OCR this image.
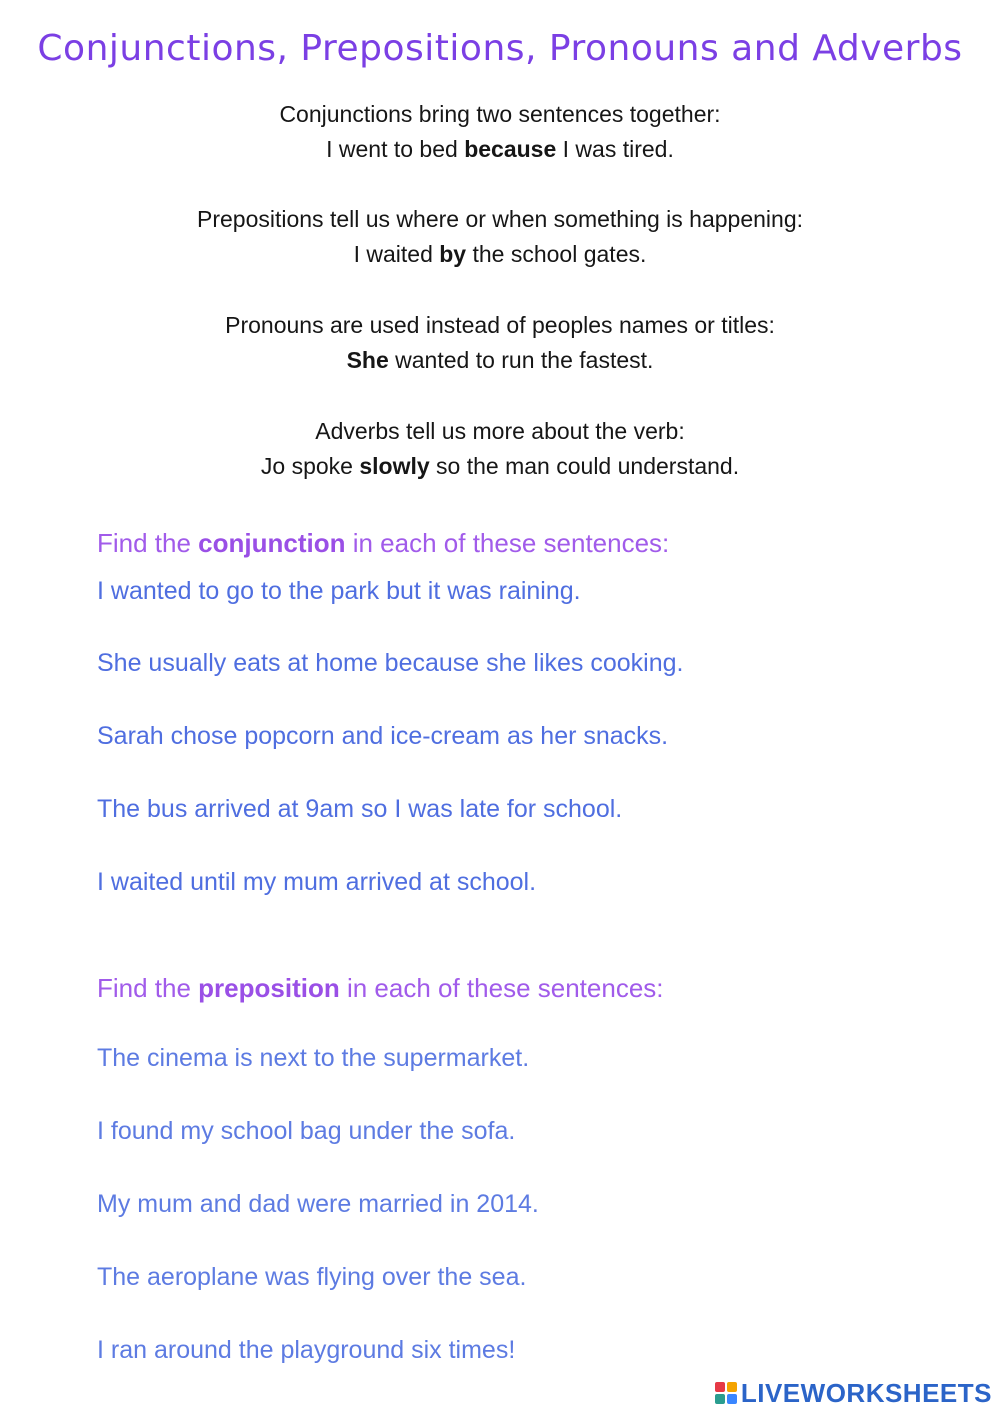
Conjunctions, Prepositions, Pronouns and Adverbs
Conjunctions bring two sentences together:
I went to bed because I was tired.
Prepositions tell us where or when something is happening:
I waited by the school gates.
Pronouns are used instead of peoples names or titles:
She wanted to run the fastest.
Adverbs tell us more about the verb:
Jo spoke slowly so the man could understand.
Find the conjunction in each of these sentences:
I wanted to go to the park but it was raining.
She usually eats at home because she likes cooking.
Sarah chose popcorn and ice-cream as her snacks.
The bus arrived at 9am so I was late for school.
I waited until my mum arrived at school.
Find the preposition in each of these sentences:
The cinema is next to the supermarket.
I found my school bag under the sofa.
My mum and dad were married in 2014.
The aeroplane was flying over the sea.
I ran around the playground six times!
LIVEWORKSHEETS
